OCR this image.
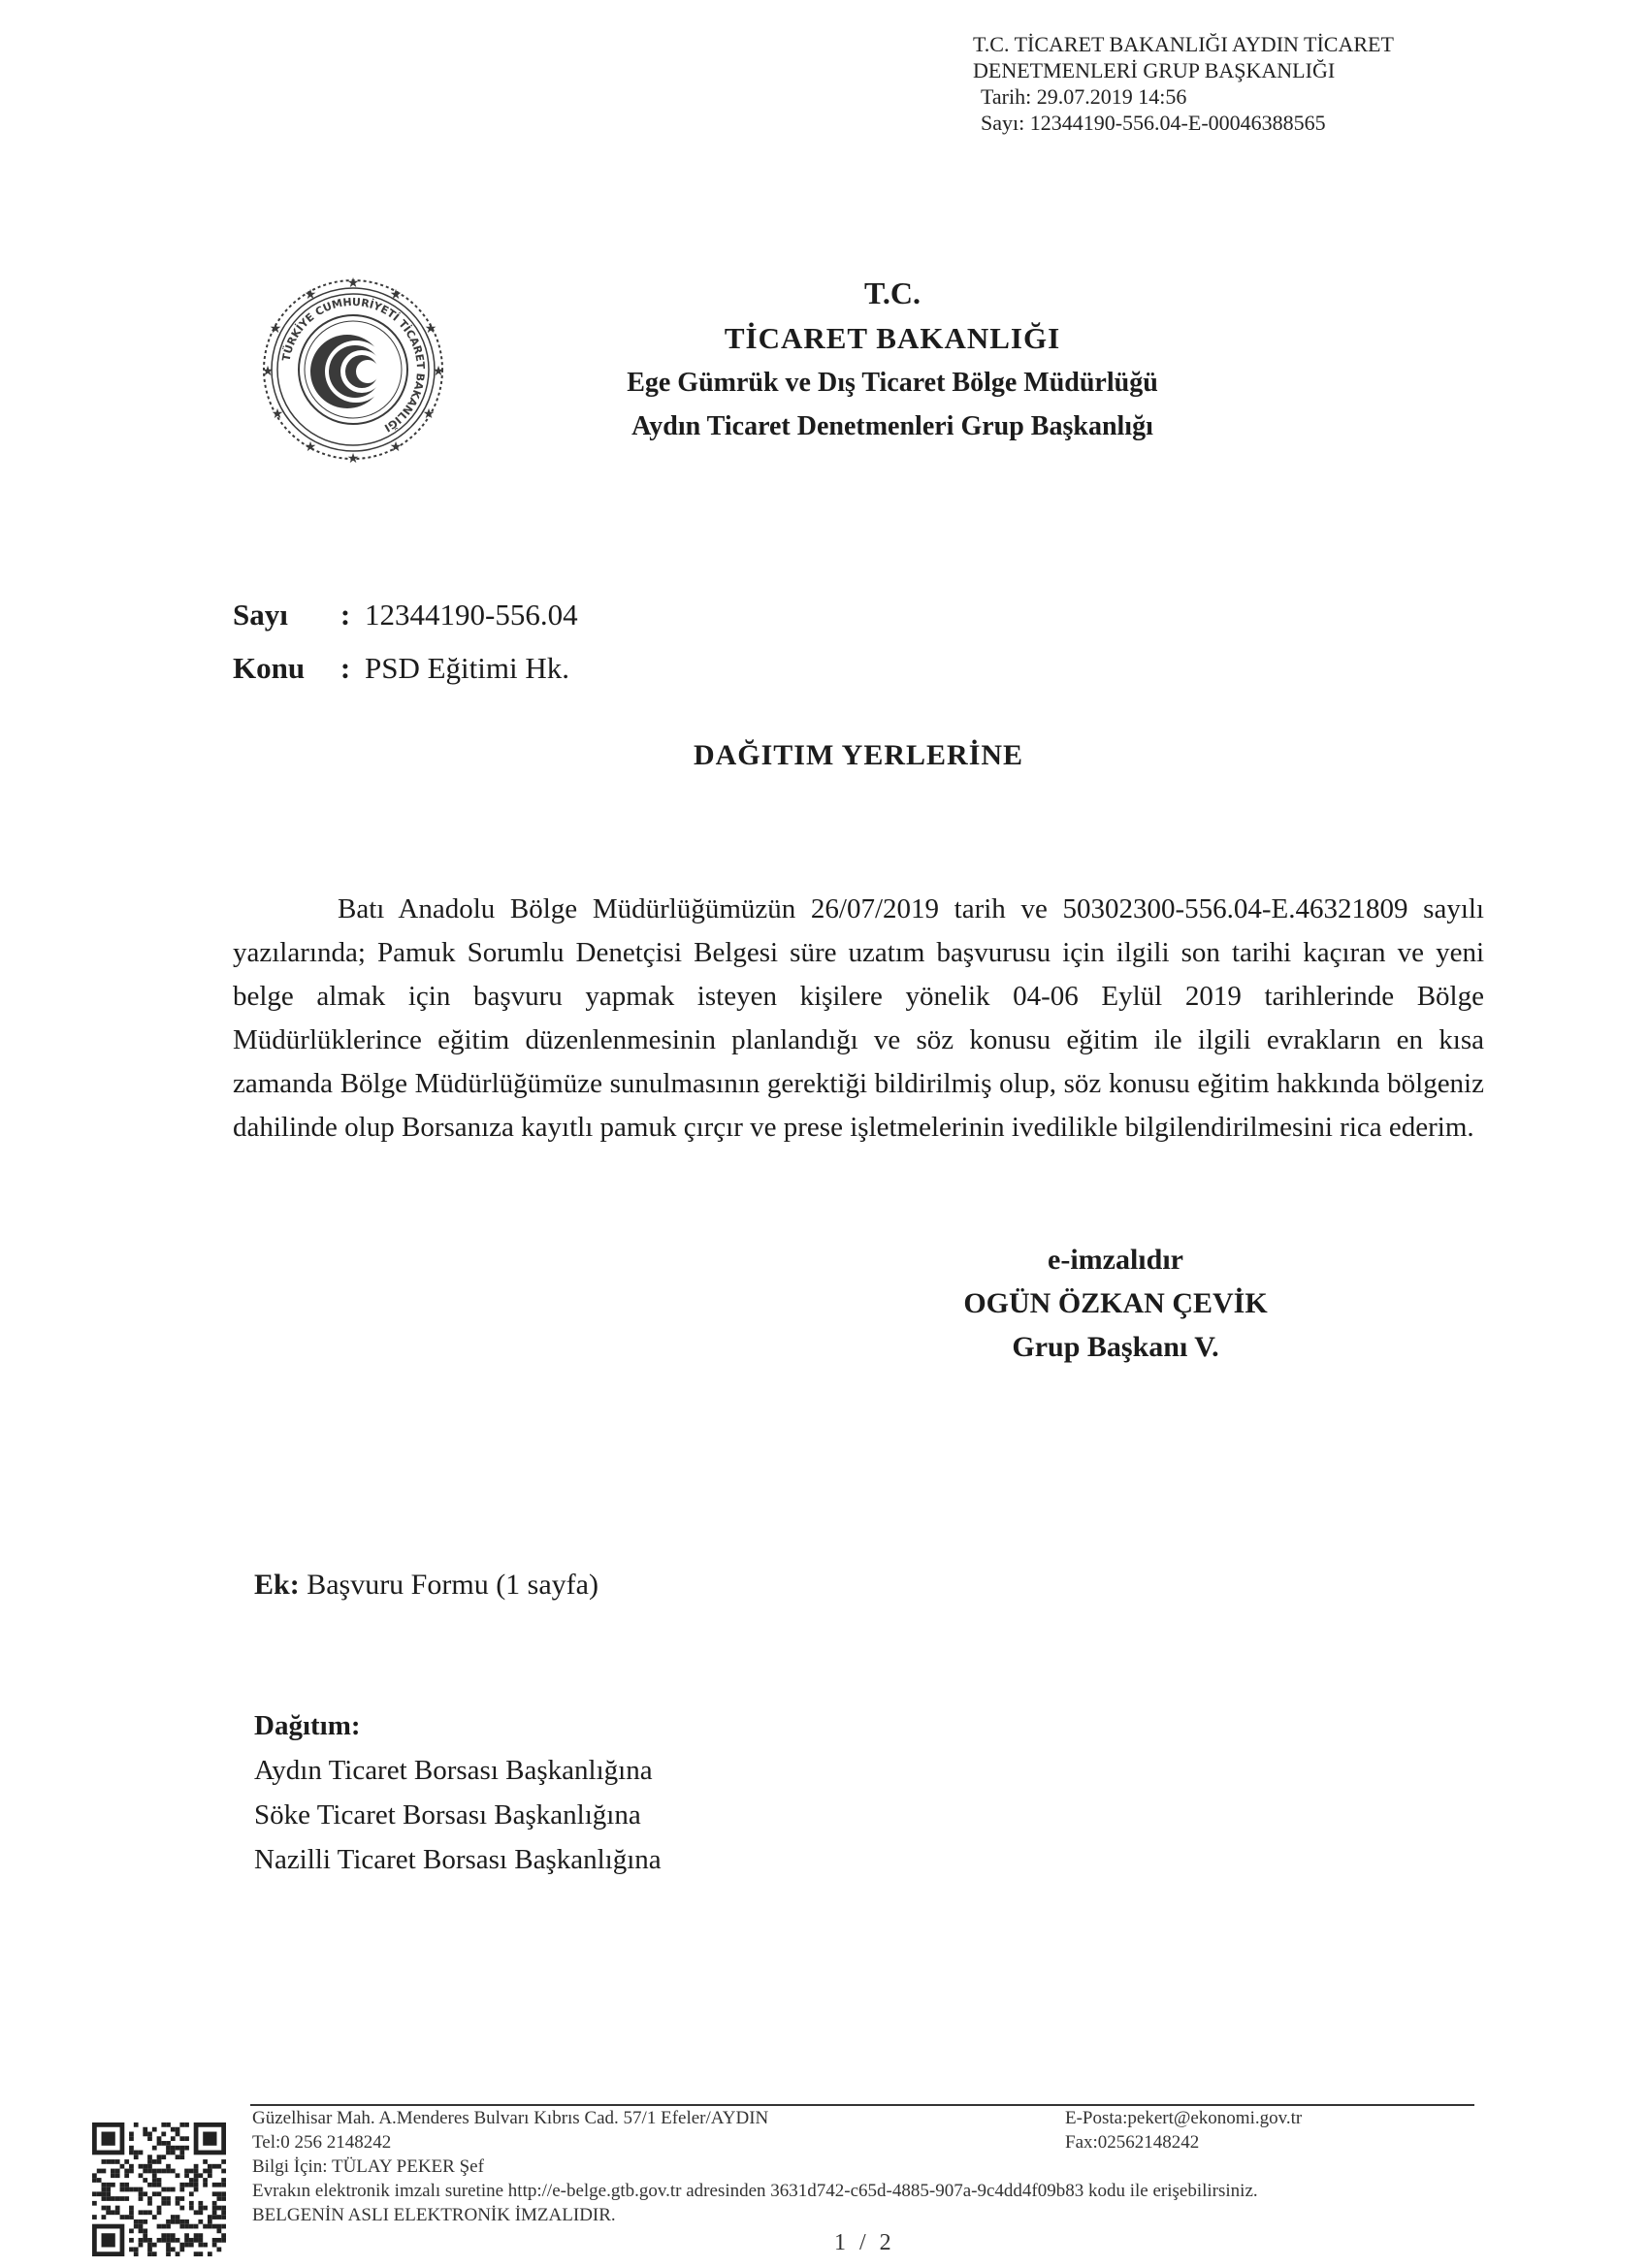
T.C. TİCARET BAKANLIĞI AYDIN TİCARET
DENETMENLERİ GRUP BAŞKANLIĞI
Tarih: 29.07.2019 14:56
Sayı: 12344190-556.04-E-00046388565
TÜRKİYE CUMHURİYETİ TİCARET BAKANLIĞI
★
★
★
★
★
★
★
★
★
★
★
★
T.C.
TİCARET BAKANLIĞI
Ege Gümrük ve Dış Ticaret Bölge Müdürlüğü
Aydın Ticaret Denetmenleri Grup Başkanlığı
Sayı	: 12344190-556.04
Konu	: PSD Eğitimi Hk.
DAĞITIM YERLERİNE
Batı Anadolu Bölge Müdürlüğümüzün 26/07/2019 tarih ve 50302300-556.04-E.46321809 sayılı yazılarında; Pamuk Sorumlu Denetçisi Belgesi süre uzatım başvurusu için ilgili son tarihi kaçıran ve yeni belge almak için başvuru yapmak isteyen kişilere yönelik 04-06 Eylül 2019 tarihlerinde Bölge Müdürlüklerince eğitim düzenlenmesinin planlandığı ve söz konusu eğitim ile ilgili evrakların en kısa zamanda Bölge Müdürlüğümüze sunulmasının gerektiği bildirilmiş olup, söz konusu eğitim hakkında bölgeniz dahilinde olup Borsanıza kayıtlı pamuk çırçır ve prese işletmelerinin ivedilikle bilgilendirilmesini rica ederim.
e-imzalıdır
OGÜN ÖZKAN ÇEVİK
Grup Başkanı V.
Ek: Başvuru Formu (1 sayfa)
Dağıtım:
Aydın Ticaret Borsası Başkanlığına
Söke Ticaret Borsası Başkanlığına
Nazilli Ticaret Borsası Başkanlığına
Güzelhisar Mah. A.Menderes Bulvarı Kıbrıs Cad. 57/1 Efeler/AYDIN	E-Posta:pekert@ekonomi.gov.tr
Tel:0 256 2148242	Fax:02562148242
Bilgi İçin: TÜLAY PEKER Şef
Evrakın elektronik imzalı suretine http://e-belge.gtb.gov.tr adresinden 3631d742-c65d-4885-907a-9c4dd4f09b83 kodu ile erişebilirsiniz.
BELGENİN ASLI ELEKTRONİK İMZALIDIR.
1 / 2
